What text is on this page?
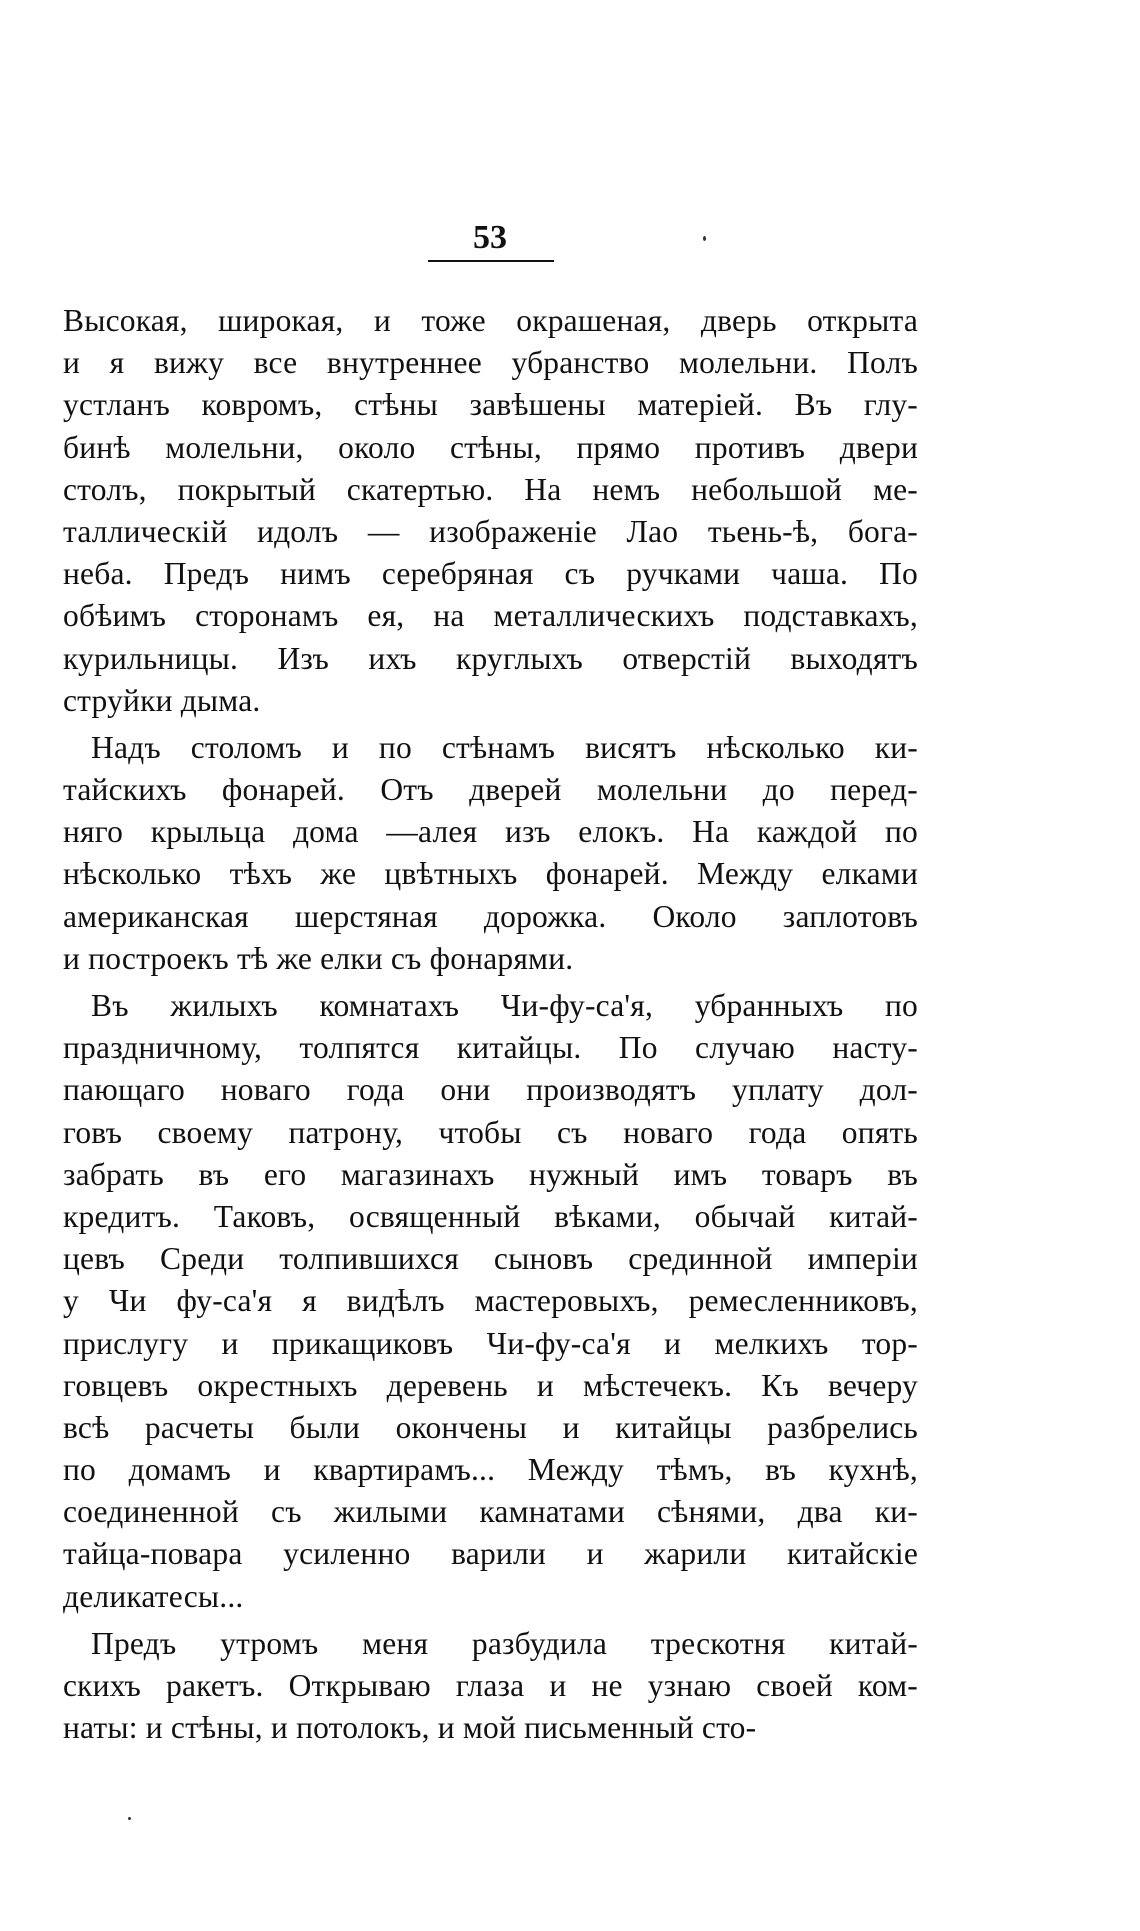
53
Высокая, широкая, и тоже окрашеная, дверь открыта
и я вижу все внутреннее убранство молельни. Полъ
устланъ ковромъ, стѣны завѣшены матеріей. Въ глу-
бинѣ молельни, около стѣны, прямо противъ двери
столъ, покрытый скатертью. На немъ небольшой ме-
таллическій идолъ — изображеніе Лао тьень-ѣ, бога-
неба. Предъ нимъ серебряная съ ручками чаша. По
обѣимъ сторонамъ ея, на металлическихъ подставкахъ,
курильницы. Изъ ихъ круглыхъ отверстій выходятъ
струйки дыма.
Надъ столомъ и по стѣнамъ висятъ нѣсколько ки-
тайскихъ фонарей. Отъ дверей молельни до перед-
няго крыльца дома —алея изъ елокъ. На каждой по
нѣсколько тѣхъ же цвѣтныхъ фонарей. Между елками
американская шерстяная дорожка. Около заплотовъ
и построекъ тѣ же елки съ фонарями.
Въ жилыхъ комнатахъ Чи-фу-са'я, убранныхъ по
праздничному, толпятся китайцы. По случаю насту-
пающаго новаго года они производятъ уплату дол-
говъ своему патрону, чтобы съ новаго года опять
забрать въ его магазинахъ нужный имъ товаръ въ
кредитъ. Таковъ, освященный вѣками, обычай китай-
цевъ Среди толпившихся сыновъ срединной имперіи
у Чи фу-са'я я видѣлъ мастеровыхъ, ремесленниковъ,
прислугу и прикащиковъ Чи-фу-са'я и мелкихъ тор-
говцевъ окрестныхъ деревень и мѣстечекъ. Къ вечеру
всѣ расчеты были окончены и китайцы разбрелись
по домамъ и квартирамъ... Между тѣмъ, въ кухнѣ,
соединенной съ жилыми камнатами сѣнями, два ки-
тайца-повара усиленно варили и жарили китайскіе
деликатесы...
Предъ утромъ меня разбудила трескотня китай-
скихъ ракетъ. Открываю глаза и не узнаю своей ком-
наты: и стѣны, и потолокъ, и мой письменный сто-
